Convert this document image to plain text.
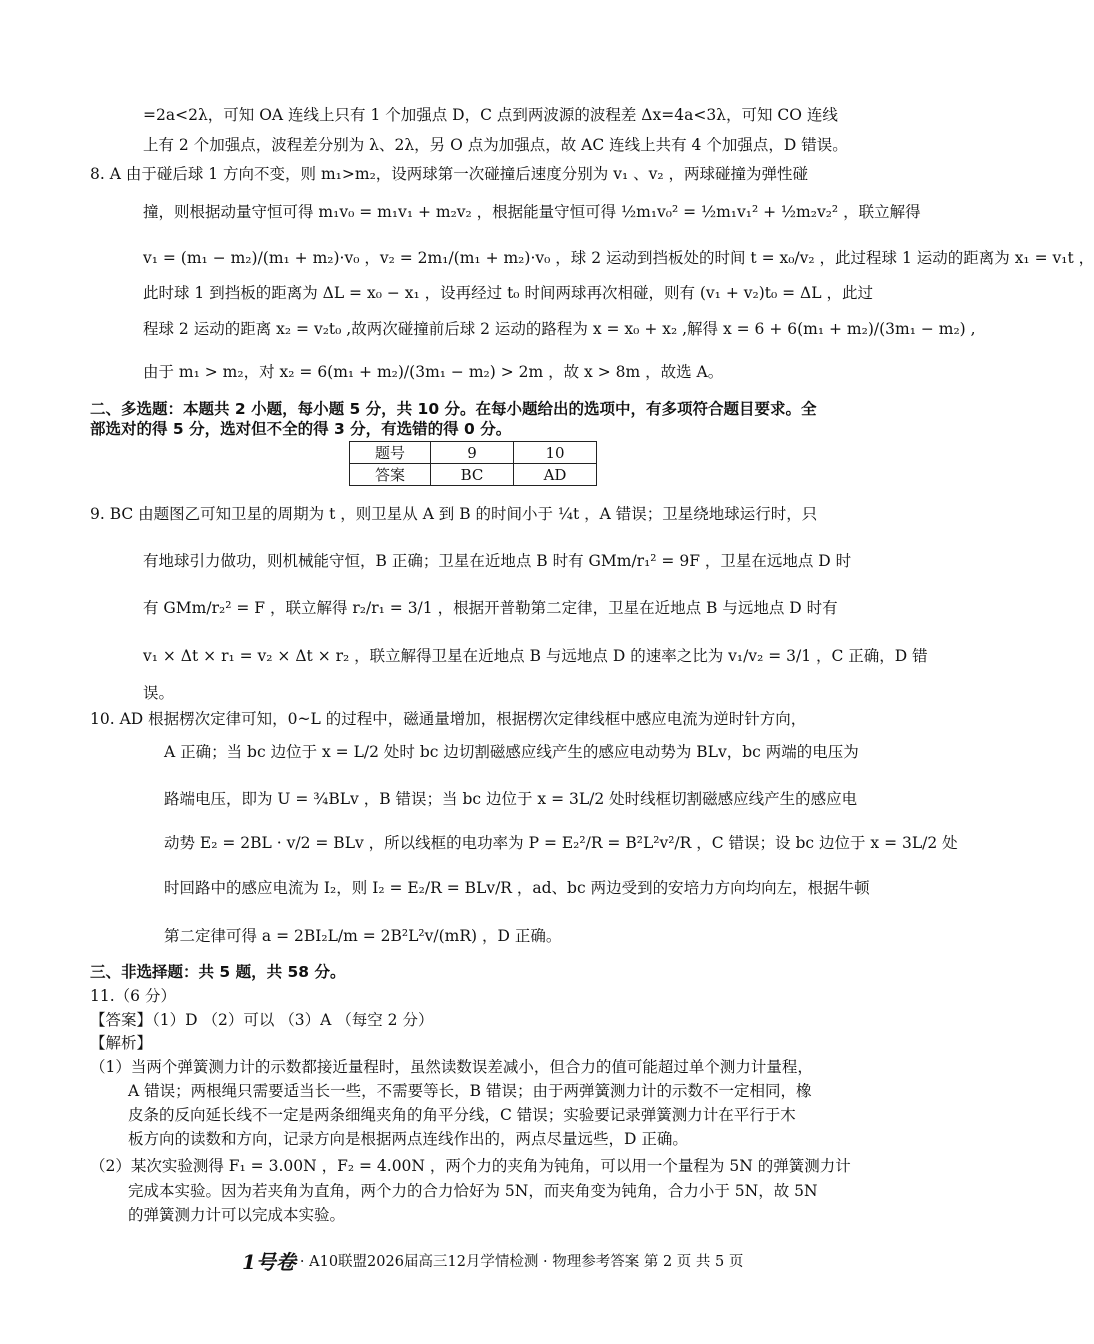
=2a<2λ，可知 OA 连线上只有 1 个加强点 D，C 点到两波源的波程差 Δx=4a<3λ，可知 CO 连线
上有 2 个加强点，波程差分别为 λ、2λ，另 O 点为加强点，故 AC 连线上共有 4 个加强点，D 错误。
8. A 由于碰后球 1 方向不变，则 m₁>m₂，设两球第一次碰撞后速度分别为 v₁ 、v₂ ，两球碰撞为弹性碰
撞，则根据动量守恒可得 m₁v₀ = m₁v₁ + m₂v₂ ，根据能量守恒可得 ½m₁v₀² = ½m₁v₁² + ½m₂v₂² ，联立解得
v₁ = (m₁ − m₂)/(m₁ + m₂)·v₀ ，v₂ = 2m₁/(m₁ + m₂)·v₀ ，球 2 运动到挡板处的时间 t = x₀/v₂ ，此过程球 1 运动的距离为 x₁ = v₁t ，
此时球 1 到挡板的距离为 ΔL = x₀ − x₁ ，设再经过 t₀ 时间两球再次相碰，则有 (v₁ + v₂)t₀ = ΔL ，此过
程球 2 运动的距离 x₂ = v₂t₀ ,故两次碰撞前后球 2 运动的路程为 x = x₀ + x₂ ,解得 x = 6 + 6(m₁ + m₂)/(3m₁ − m₂) ,
由于 m₁ > m₂，对 x₂ = 6(m₁ + m₂)/(3m₁ − m₂) > 2m ，故 x > 8m ，故选 A。
二、多选题：本题共 2 小题，每小题 5 分，共 10 分。在每小题给出的选项中，有多项符合题目要求。全
部选对的得 5 分，选对但不全的得 3 分，有选错的得 0 分。
题号	9	10
答案	BC	AD
9. BC 由题图乙可知卫星的周期为 t ，则卫星从 A 到 B 的时间小于 ¼t ，A 错误；卫星绕地球运行时，只
有地球引力做功，则机械能守恒，B 正确；卫星在近地点 B 时有 GMm/r₁² = 9F ，卫星在远地点 D 时
有 GMm/r₂² = F ，联立解得 r₂/r₁ = 3/1 ，根据开普勒第二定律，卫星在近地点 B 与远地点 D 时有
v₁ × Δt × r₁ = v₂ × Δt × r₂ ，联立解得卫星在近地点 B 与远地点 D 的速率之比为 v₁/v₂ = 3/1 ，C 正确，D 错
误。
10. AD 根据楞次定律可知，0~L 的过程中，磁通量增加，根据楞次定律线框中感应电流为逆时针方向，
A 正确；当 bc 边位于 x = L/2 处时 bc 边切割磁感应线产生的感应电动势为 BLv，bc 两端的电压为
路端电压，即为 U = ¾BLv ，B 错误；当 bc 边位于 x = 3L/2 处时线框切割磁感应线产生的感应电
动势 E₂ = 2BL · v/2 = BLv ，所以线框的电功率为 P = E₂²/R = B²L²v²/R ，C 错误；设 bc 边位于 x = 3L/2 处
时回路中的感应电流为 I₂，则 I₂ = E₂/R = BLv/R ，ad、bc 两边受到的安培力方向均向左，根据牛顿
第二定律可得 a = 2BI₂L/m = 2B²L²v/(mR) ，D 正确。
三、非选择题：共 5 题，共 58 分。
11.（6 分）
【答案】（1）D （2）可以 （3）A （每空 2 分）
【解析】
（1）当两个弹簧测力计的示数都接近量程时，虽然读数误差减小，但合力的值可能超过单个测力计量程，
A 错误；两根绳只需要适当长一些，不需要等长，B 错误；由于两弹簧测力计的示数不一定相同，橡
皮条的反向延长线不一定是两条细绳夹角的角平分线，C 错误；实验要记录弹簧测力计在平行于木
板方向的读数和方向，记录方向是根据两点连线作出的，两点尽量远些，D 正确。
（2）某次实验测得 F₁ = 3.00N ，F₂ = 4.00N ，两个力的夹角为钝角，可以用一个量程为 5N 的弹簧测力计
完成本实验。因为若夹角为直角，两个力的合力恰好为 5N，而夹角变为钝角，合力小于 5N，故 5N
的弹簧测力计可以完成本实验。
1号卷 · A10联盟2026届高三12月学情检测 · 物理参考答案 第 2 页 共 5 页
